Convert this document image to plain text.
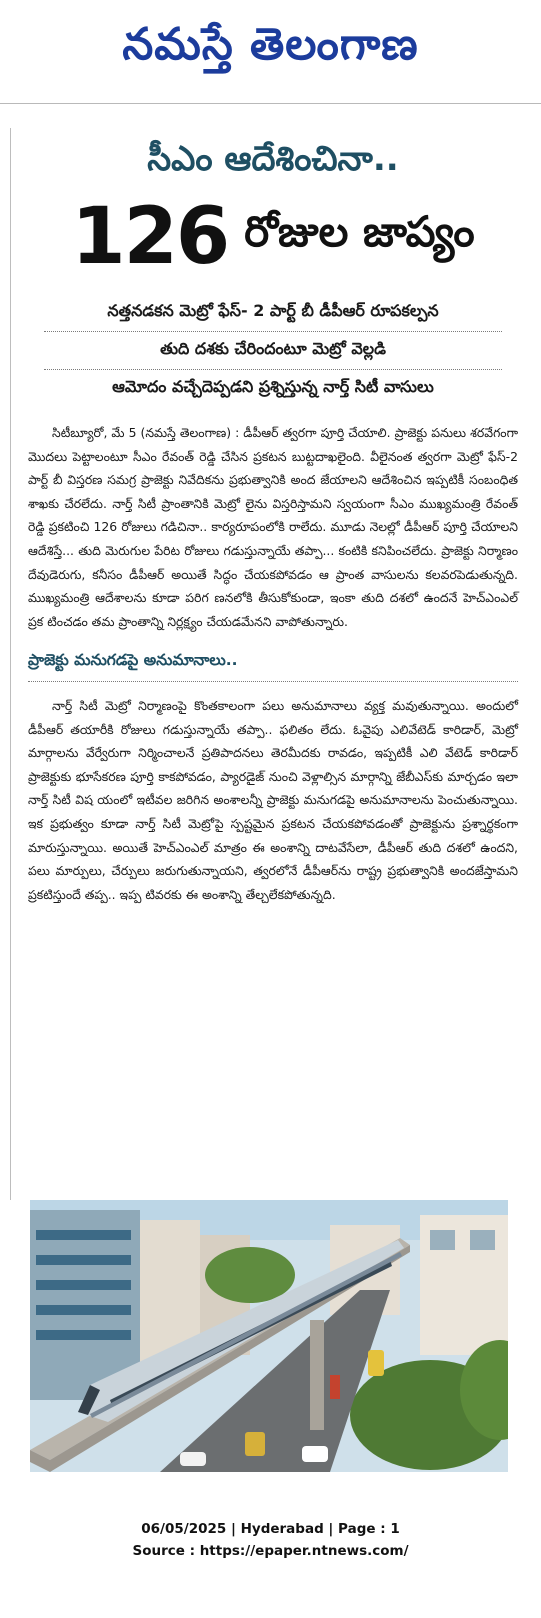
నమస్తే తెలంగాణ
సీఎం ఆదేశించినా..
126 రోజుల జాప్యం
నత్తనడకన మెట్రో ఫేస్‌- 2 పార్ట్‌ బీ డీపీఆర్‌ రూపకల్పన
తుది దశకు చేరిందంటూ మెట్రో వెల్లడి
ఆమోదం వచ్చేదెప్పడని ప్రశ్నిస్తున్న నార్త్‌ సిటీ వాసులు

సిటీబ్యూరో, మే 5 (నమస్తే తెలంగాణ) : డీపీఆర్‌ త్వరగా పూర్తి చేయాలి. ప్రాజెక్టు పనులు శరవేగంగా మొదలు పెట్టాలంటూ సీఎం రేవంత్‌ రెడ్డి చేసిన ప్రకటన బుట్టదాఖలైంది. వీలైనంత త్వరగా మెట్రో ఫేస్‌-2 పార్ట్‌ బీ విస్తరణ సమగ్ర ప్రాజెక్టు నివేదికను ప్రభుత్వానికి అంద జేయాలని ఆదేశించిన ఇప్పటికీ సంబంధిత శాఖకు చేరలేదు. నార్త్‌ సిటీ ప్రాంతానికి మెట్రో లైను విస్తరిస్తామని స్వయంగా సీఎం ముఖ్యమంత్రి రేవంత్‌ రెడ్డి ప్రకటించి 126 రోజులు గడిచినా.. కార్యరూపంలోకి రాలేదు. మూడు నెలల్లో డీపీఆర్‌ పూర్తి చేయాలని ఆదేశిస్తే... తుది మెరుగుల పేరిట రోజులు గడుస్తున్నాయే తప్పా... కంటికి కనిపించలేదు. ప్రాజెక్టు నిర్మాణం దేవుడెరుగు, కనీసం డీపీఆర్‌ అయితే సిద్ధం చేయకపోవడం ఆ ప్రాంత వాసులను కలవరపెడుతున్నది. ముఖ్యమంత్రి ఆదేశాలను కూడా పరిగ ణనలోకి తీసుకోకుండా, ఇంకా తుది దశలో ఉందనే హెచ్‌ఎంఎల్‌ ప్రక టించడం తమ ప్రాంతాన్ని నిర్లక్ష్యం చేయడమేనని వాపోతున్నారు.

ప్రాజెక్టు మనుగడపై అనుమానాలు..

నార్త్‌ సిటీ మెట్రో నిర్మాణంపై కొంతకాలంగా పలు అనుమానాలు వ్యక్త మవుతున్నాయి. అందులో డీపీఆర్‌ తయారీకి రోజులు గడుస్తున్నాయే తప్పా.. ఫలితం లేదు. ఓవైపు ఎలివేటెడ్‌ కారిడార్‌, మెట్రో మార్గాలను వేర్వేరుగా నిర్మించాలనే ప్రతిపాదనలు తెరమీదకు రావడం, ఇప్పటికీ ఎలి వేటెడ్‌ కారిడార్‌ ప్రాజెక్టుకు భూసేకరణ పూర్తి కాకపోవడం, ప్యారడైజ్‌ నుంచి వెళ్లాల్సిన మార్గాన్ని జేబీఎస్‌కు మార్చడం ఇలా నార్త్‌ సిటీ విష యంలో ఇటీవల జరిగిన అంశాలన్నీ ప్రాజెక్టు మనుగడపై అనుమానాలను పెంచుతున్నాయి. ఇక ప్రభుత్వం కూడా నార్త్‌ సిటీ మెట్రోపై స్పష్టమైన ప్రకటన చేయకపోవడంతో ప్రాజెక్టును ప్రశ్నార్థకంగా మారుస్తున్నాయి. అయితే హెచ్‌ఎంఎల్‌ మాత్రం ఈ అంశాన్ని దాటవేసేలా, డీపీఆర్‌ తుది దశలో ఉందని, పలు మార్పులు, చేర్పులు జరుగుతున్నాయని, త్వరలోనే డీపీఆర్‌ను రాష్ట్ర ప్రభుత్వానికి అందజేస్తామని ప్రకటిస్తుందే తప్ప.. ఇప్ప టివరకు ఈ అంశాన్ని తేల్చలేకపోతున్నది.

06/05/2025 | Hyderabad | Page : 1
Source : https://epaper.ntnews.com/
